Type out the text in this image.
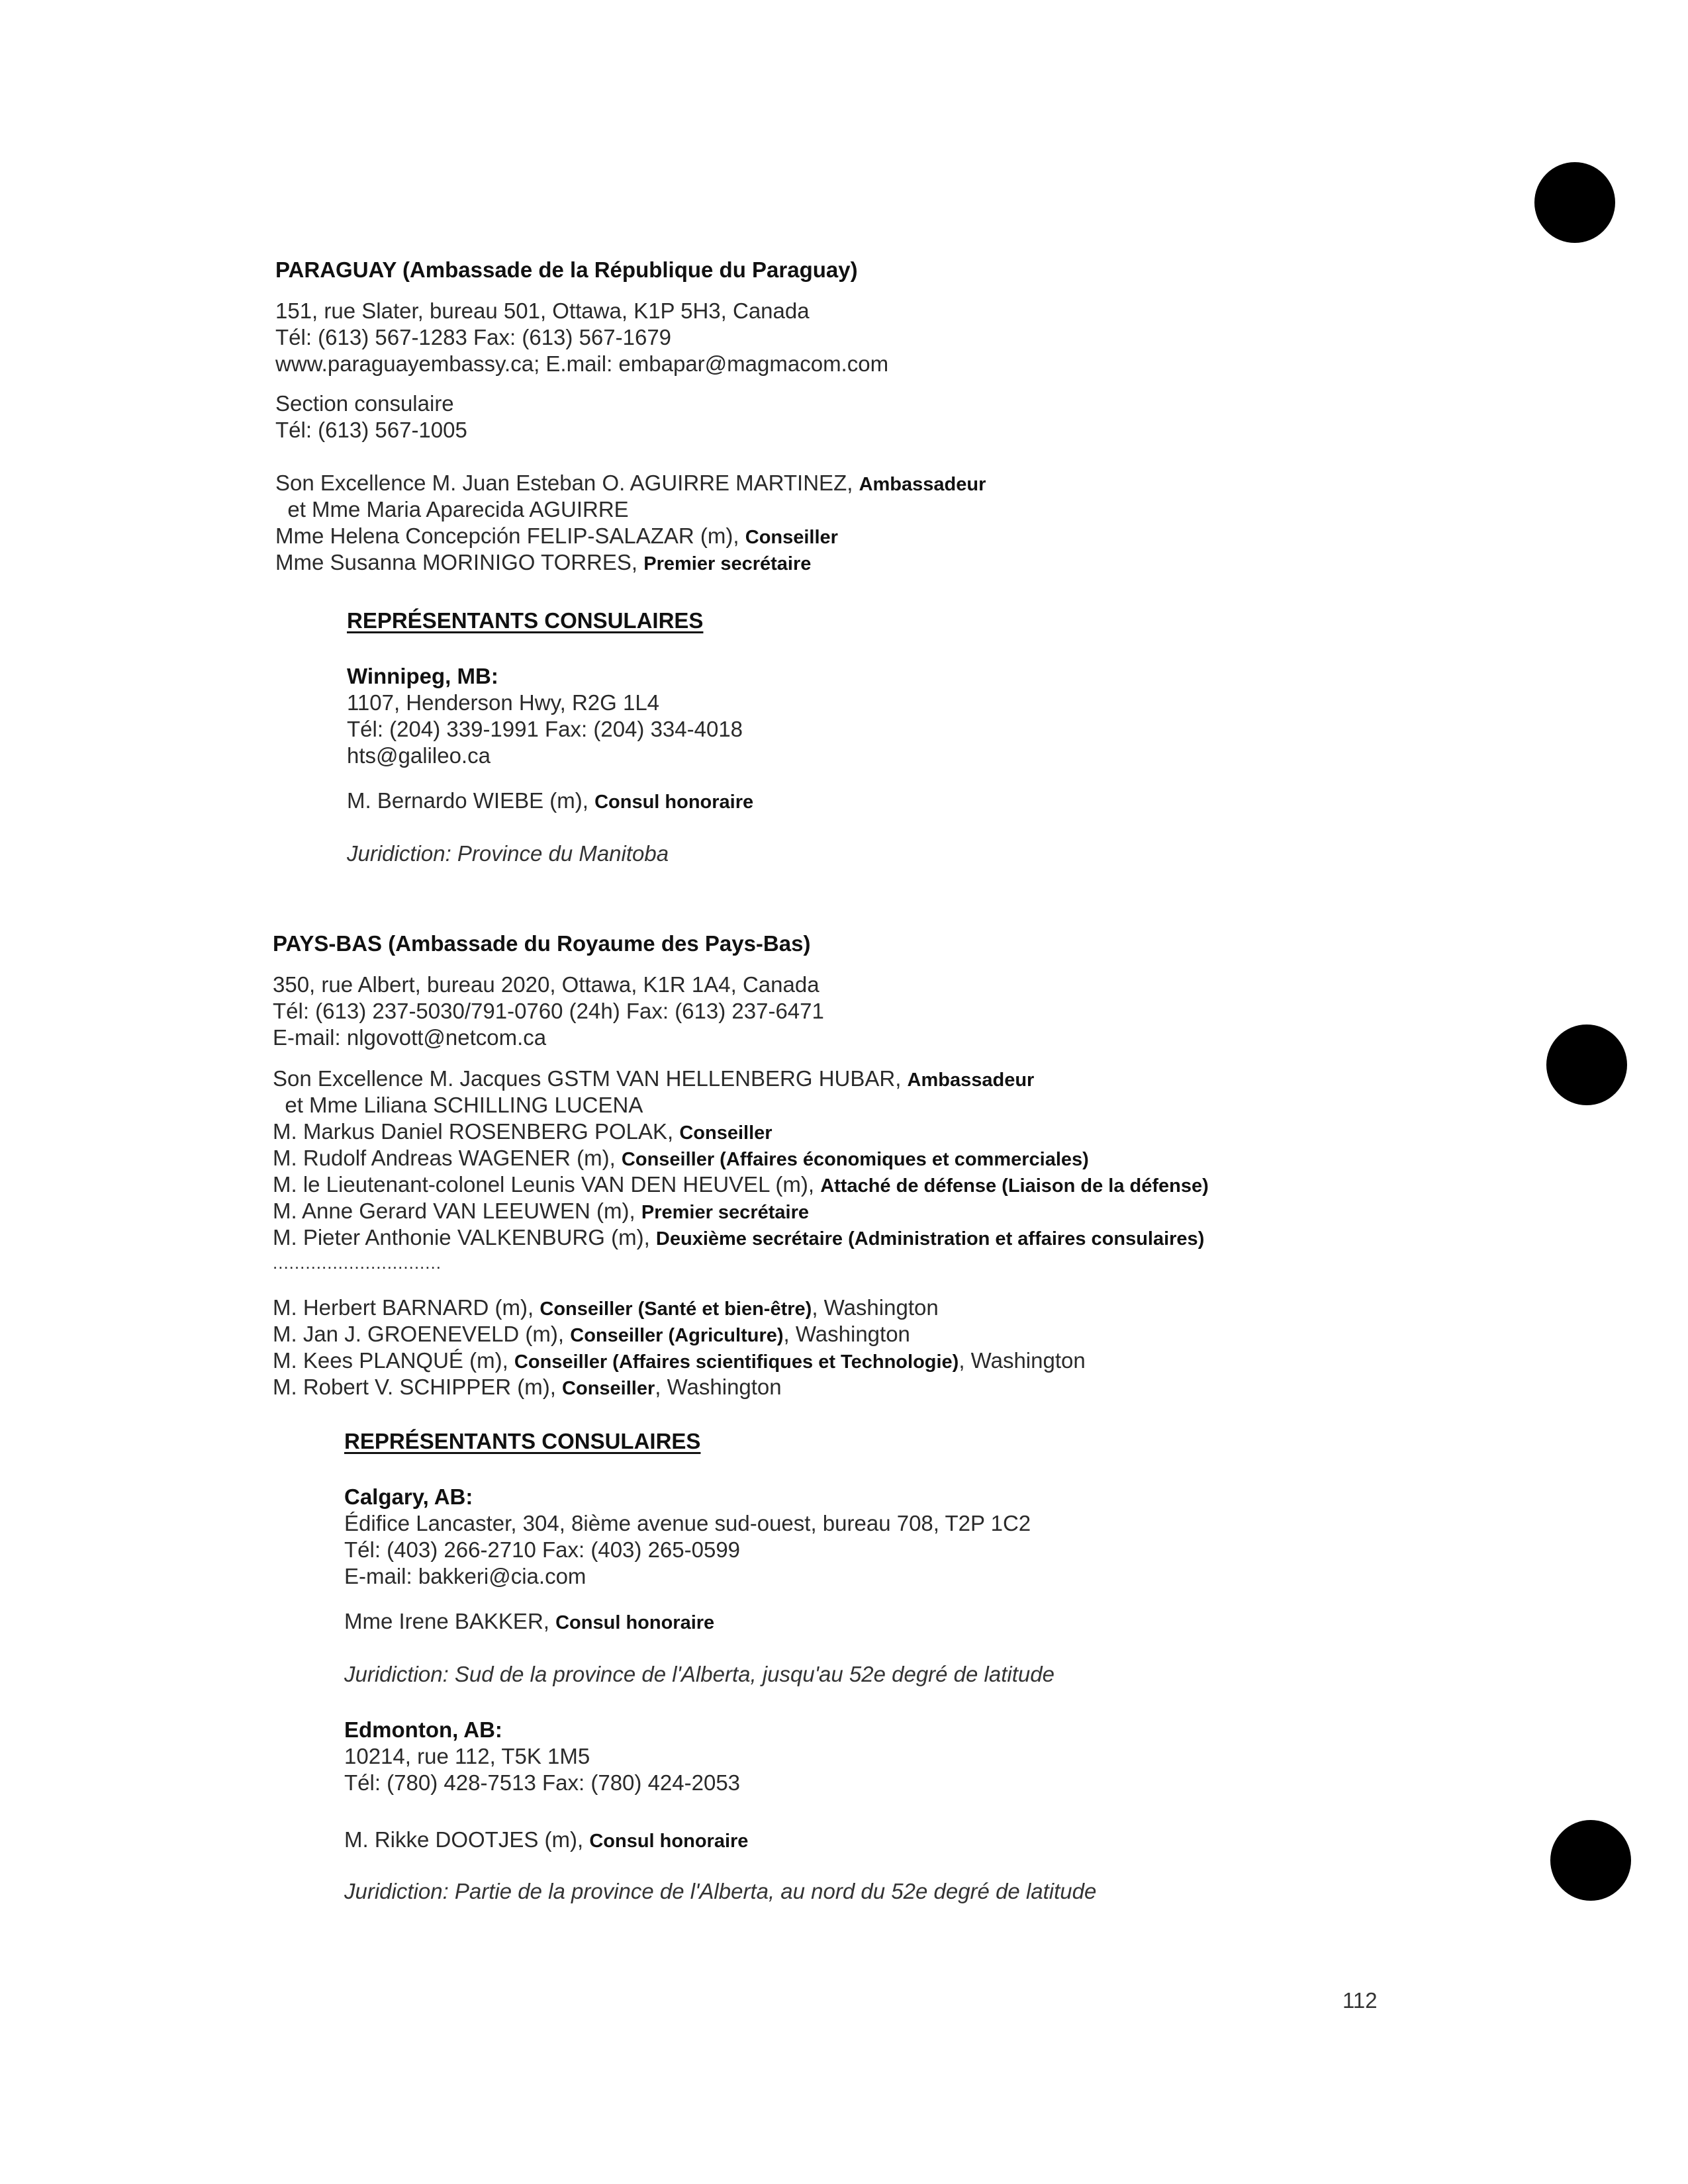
PARAGUAY (Ambassade de la République du Paraguay)
151, rue Slater, bureau 501, Ottawa, K1P 5H3, Canada
Tél: (613) 567-1283 Fax: (613) 567-1679
www.paraguayembassy.ca; E.mail: embapar@magmacom.com
Section consulaire
Tél: (613) 567-1005
Son Excellence M. Juan Esteban O. AGUIRRE MARTINEZ, Ambassadeur
et Mme Maria Aparecida AGUIRRE
Mme Helena Concepción FELIP-SALAZAR (m), Conseiller
Mme Susanna MORINIGO TORRES, Premier secrétaire
REPRÉSENTANTS CONSULAIRES
Winnipeg, MB:
1107, Henderson Hwy, R2G 1L4
Tél: (204) 339-1991 Fax: (204) 334-4018
hts@galileo.ca
M. Bernardo WIEBE (m), Consul honoraire
Juridiction: Province du Manitoba
PAYS-BAS (Ambassade du Royaume des Pays-Bas)
350, rue Albert, bureau 2020, Ottawa, K1R 1A4, Canada
Tél: (613) 237-5030/791-0760 (24h) Fax: (613) 237-6471
E-mail: nlgovott@netcom.ca
Son Excellence M. Jacques GSTM VAN HELLENBERG HUBAR, Ambassadeur
et Mme Liliana SCHILLING LUCENA
M. Markus Daniel ROSENBERG POLAK, Conseiller
M. Rudolf Andreas WAGENER (m), Conseiller (Affaires économiques et commerciales)
M. le Lieutenant-colonel Leunis VAN DEN HEUVEL (m), Attaché de défense (Liaison de la défense)
M. Anne Gerard VAN LEEUWEN (m), Premier secrétaire
M. Pieter Anthonie VALKENBURG (m), Deuxième secrétaire (Administration et affaires consulaires)
...............................
M. Herbert BARNARD (m), Conseiller (Santé et bien-être), Washington
M. Jan J. GROENEVELD (m), Conseiller (Agriculture), Washington
M. Kees PLANQUÉ (m), Conseiller (Affaires scientifiques et Technologie), Washington
M. Robert V. SCHIPPER (m), Conseiller, Washington
REPRÉSENTANTS CONSULAIRES
Calgary, AB:
Édifice Lancaster, 304, 8ième avenue sud-ouest, bureau 708, T2P 1C2
Tél: (403) 266-2710 Fax: (403) 265-0599
E-mail: bakkeri@cia.com
Mme Irene BAKKER, Consul honoraire
Juridiction: Sud de la province de l'Alberta, jusqu'au 52e degré de latitude
Edmonton, AB:
10214, rue 112, T5K 1M5
Tél: (780) 428-7513 Fax: (780) 424-2053
M. Rikke DOOTJES (m), Consul honoraire
Juridiction: Partie de la province de l'Alberta, au nord du 52e degré de latitude
112
